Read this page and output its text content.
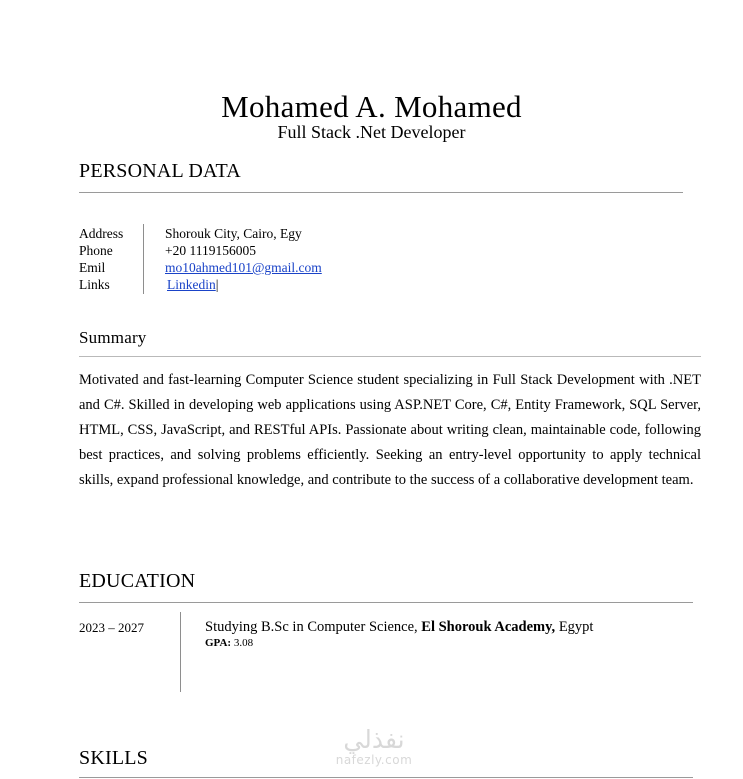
Mohamed A. Mohamed
Full Stack .Net Developer
PERSONAL DATA
Address
Phone
Emil
Links
Shorouk City, Cairo, Egy
+20 1119156005
mo10ahmed101@gmail.com
Linkedin|
Summary
Motivated and fast-learning Computer Science student specializing in Full Stack Development with .NET and C#. Skilled in developing web applications using ASP.NET Core, C#, Entity Framework, SQL Server, HTML, CSS, JavaScript, and RESTful APIs. Passionate about writing clean, maintainable code, following best practices, and solving problems efficiently. Seeking an entry-level opportunity to apply technical skills, expand professional knowledge, and contribute to the success of a collaborative development team.
EDUCATION
2023 – 2027	Studying B.Sc in Computer Science, El Shorouk Academy, Egypt
GPA: 3.08
SKILLS
نفذلي
nafezly.com
